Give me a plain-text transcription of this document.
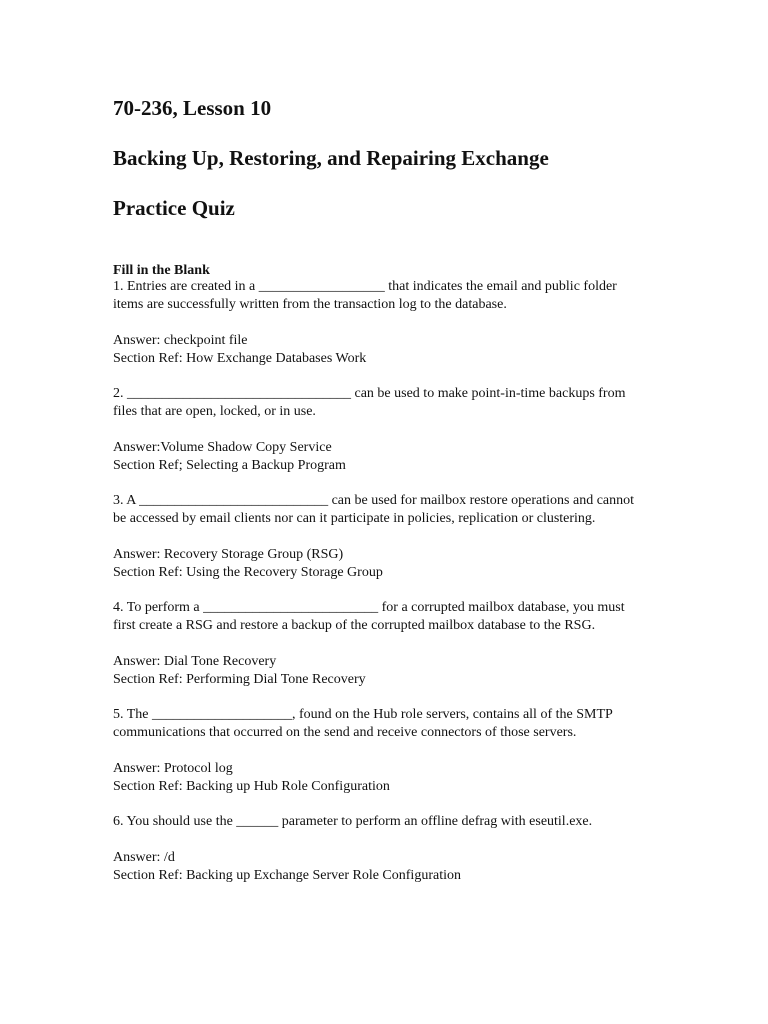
70-236, Lesson 10
Backing Up, Restoring, and Repairing Exchange
Practice Quiz
Fill in the Blank
1. Entries are created in a __________________ that indicates the email and public folder
items are successfully written from the transaction log to the database.
Answer: checkpoint file
Section Ref: How Exchange Databases Work
2. ________________________________ can be used to make point-in-time backups from
files that are open, locked, or in use.
Answer:Volume Shadow Copy Service
Section Ref; Selecting a Backup Program
3. A ___________________________ can be used for mailbox restore operations and cannot
be accessed by email clients nor can it participate in policies, replication or clustering.
Answer: Recovery Storage Group (RSG)
Section Ref: Using the Recovery Storage Group
4. To perform a _________________________ for a corrupted mailbox database, you must
first create a RSG and restore a backup of the corrupted mailbox database to the RSG.
Answer: Dial Tone Recovery
Section Ref: Performing Dial Tone Recovery
5. The ____________________, found on the Hub role servers, contains all of the SMTP
communications that occurred on the send and receive connectors of those servers.
Answer: Protocol log
Section Ref: Backing up Hub Role Configuration
6. You should use the ______ parameter to perform an offline defrag with eseutil.exe.
Answer: /d
Section Ref: Backing up Exchange Server Role Configuration
